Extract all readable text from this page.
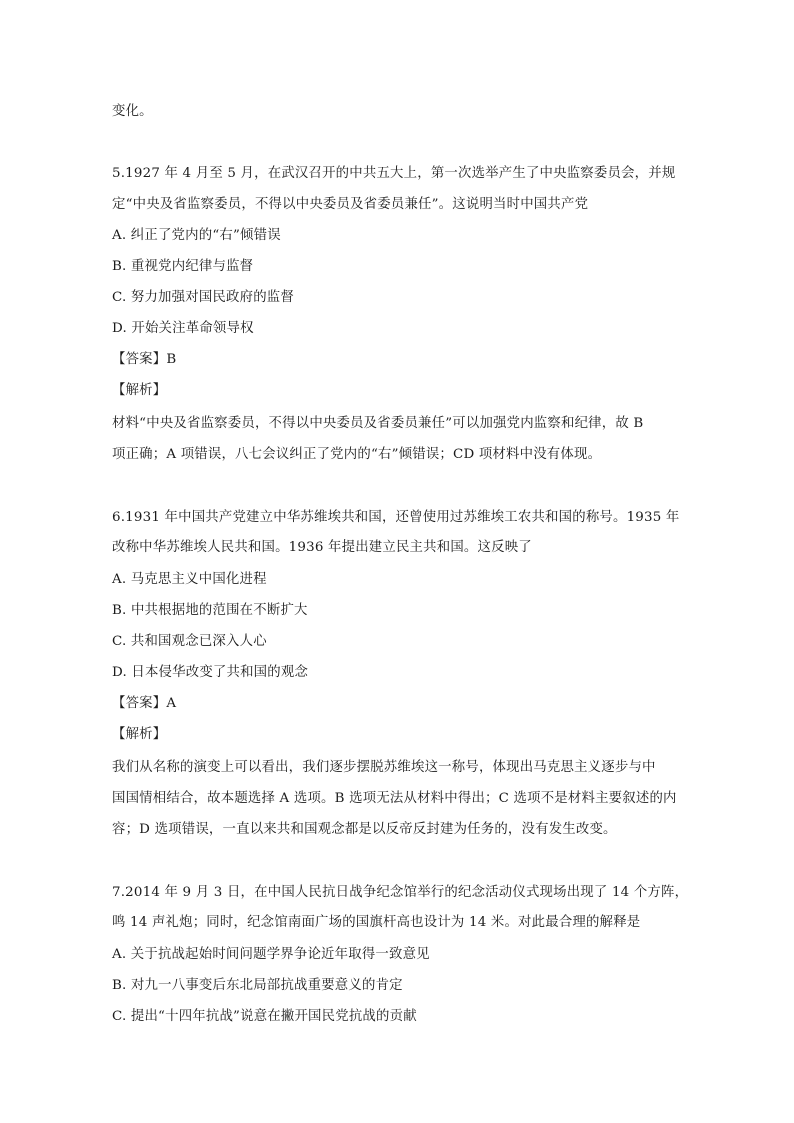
变化。
5.1927 年 4 月至 5 月，在武汉召开的中共五大上，第一次选举产生了中央监察委员会，并规
定“中央及省监察委员，不得以中央委员及省委员兼任”。这说明当时中国共产党
A. 纠正了党内的“右”倾错误
B. 重视党内纪律与监督
C. 努力加强对国民政府的监督
D. 开始关注革命领导权
【答案】B
【解析】
材料“中央及省监察委员，不得以中央委员及省委员兼任”可以加强党内监察和纪律，故 B
项正确；A 项错误，八七会议纠正了党内的“右”倾错误；CD 项材料中没有体现。
6.1931 年中国共产党建立中华苏维埃共和国，还曾使用过苏维埃工农共和国的称号。1935 年
改称中华苏维埃人民共和国。1936 年提出建立民主共和国。这反映了
A. 马克思主义中国化进程
B. 中共根据地的范围在不断扩大
C. 共和国观念已深入人心
D. 日本侵华改变了共和国的观念
【答案】A
【解析】
我们从名称的演变上可以看出，我们逐步摆脱苏维埃这一称号，体现出马克思主义逐步与中
国国情相结合，故本题选择 A 选项。B 选项无法从材料中得出；C 选项不是材料主要叙述的内
容；D 选项错误，一直以来共和国观念都是以反帝反封建为任务的，没有发生改变。
7.2014 年 9 月 3 日，在中国人民抗日战争纪念馆举行的纪念活动仪式现场出现了 14 个方阵，
鸣 14 声礼炮；同时，纪念馆南面广场的国旗杆高也设计为 14 米。对此最合理的解释是
A. 关于抗战起始时间问题学界争论近年取得一致意见
B. 对九一八事变后东北局部抗战重要意义的肯定
C. 提出“十四年抗战”说意在撇开国民党抗战的贡献
